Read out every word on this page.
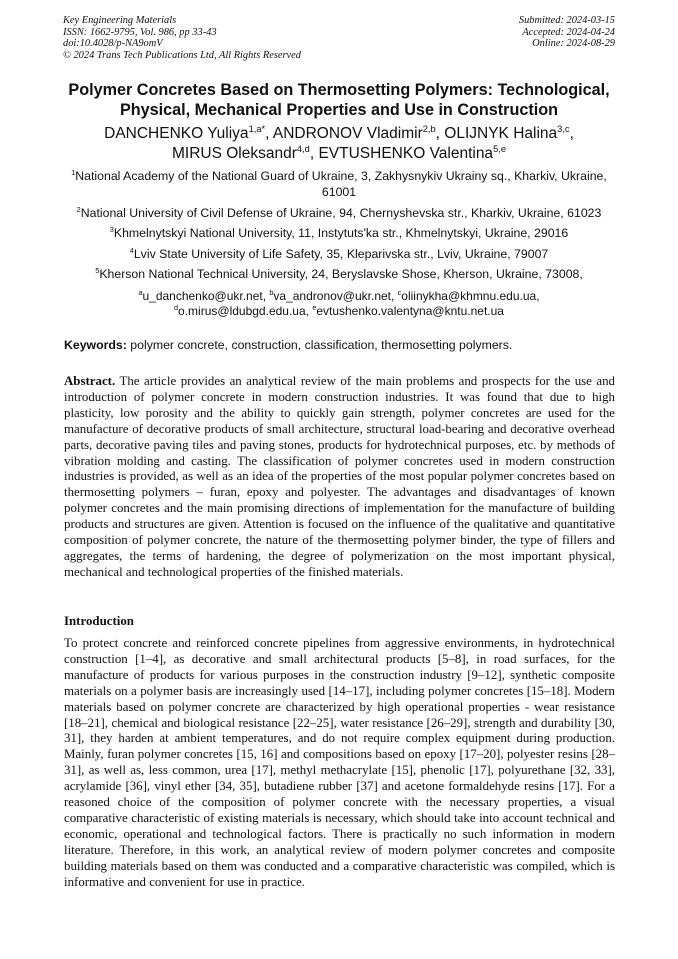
Key Engineering Materials
ISSN: 1662-9795, Vol. 986, pp 33-43
doi:10.4028/p-NA9omV
© 2024 Trans Tech Publications Ltd, All Rights Reserved
Submitted: 2024-03-15
Accepted: 2024-04-24
Online: 2024-08-29
Polymer Concretes Based on Thermosetting Polymers: Technological, Physical, Mechanical Properties and Use in Construction
DANCHENKO Yuliya$^{1,a*}$, ANDRONOV Vladimir$^{2,b}$, OLIJNYK Halina$^{3,c}$,
MIRUS Oleksandr$^{4,d}$, EVTUSHENKO Valentina$^{5,e}$
$^1$National Academy of the National Guard of Ukraine, 3, Zakhysnykiv Ukrainy sq., Kharkiv, Ukraine, 61001
$^2$National University of Civil Defense of Ukraine, 94, Chernyshevska str., Kharkiv, Ukraine, 61023
$^3$Khmelnytskyi National University, 11, Instytuts'ka str., Khmelnytskyi, Ukraine, 29016
$^4$Lviv State University of Life Safety, 35, Kleparivska str., Lviv, Ukraine, 79007
$^5$Kherson National Technical University, 24, Beryslavske Shose, Kherson, Ukraine, 73008,
$^a$u_danchenko@ukr.net, $^b$va_andronov@ukr.net, $^c$oliinykha@khmnu.edu.ua,
$^d$o.mirus@ldubgd.edu.ua, $^e$evtushenko.valentyna@kntu.net.ua
Keywords: polymer concrete, construction, classification, thermosetting polymers.
Abstract. The article provides an analytical review of the main problems and prospects for the use and introduction of polymer concrete in modern construction industries. It was found that due to high plasticity, low porosity and the ability to quickly gain strength, polymer concretes are used for the manufacture of decorative products of small architecture, structural load-bearing and decorative overhead parts, decorative paving tiles and paving stones, products for hydrotechnical purposes, etc. by methods of vibration molding and casting. The classification of polymer concretes used in modern construction industries is provided, as well as an idea of the properties of the most popular polymer concretes based on thermosetting polymers – furan, epoxy and polyester. The advantages and disadvantages of known polymer concretes and the main promising directions of implementation for the manufacture of building products and structures are given. Attention is focused on the influence of the qualitative and quantitative composition of polymer concrete, the nature of the thermosetting polymer binder, the type of fillers and aggregates, the terms of hardening, the degree of polymerization on the most important physical, mechanical and technological properties of the finished materials.
Introduction
To protect concrete and reinforced concrete pipelines from aggressive environments, in hydrotechnical construction [1–4], as decorative and small architectural products [5–8], in road surfaces, for the manufacture of products for various purposes in the construction industry [9–12], synthetic composite materials on a polymer basis are increasingly used [14–17], including polymer concretes [15–18]. Modern materials based on polymer concrete are characterized by high operational properties - wear resistance [18–21], chemical and biological resistance [22–25], water resistance [26–29], strength and durability [30, 31], they harden at ambient temperatures, and do not require complex equipment during production. Mainly, furan polymer concretes [15, 16] and compositions based on epoxy [17–20], polyester resins [28–31], as well as, less common, urea [17], methyl methacrylate [15], phenolic [17], polyurethane [32, 33], acrylamide [36], vinyl ether [34, 35], butadiene rubber [37] and acetone formaldehyde resins [17]. For a reasoned choice of the composition of polymer concrete with the necessary properties, a visual comparative characteristic of existing materials is necessary, which should take into account technical and economic, operational and technological factors. There is practically no such information in modern literature. Therefore, in this work, an analytical review of modern polymer concretes and composite building materials based on them was conducted and a comparative characteristic was compiled, which is informative and convenient for use in practice.
